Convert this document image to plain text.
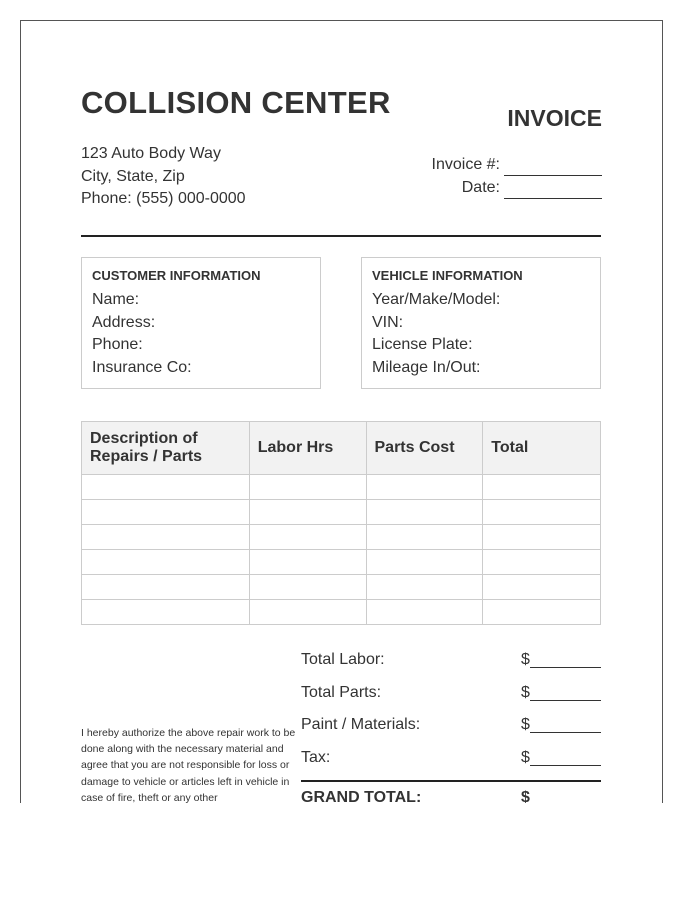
COLLISION CENTER	INVOICE
123 Auto Body Way
City, State, Zip
Phone: (555) 000-0000
Invoice #:
Date:
CUSTOMER INFORMATION
Name:
Address:
Phone:
Insurance Co:
VEHICLE INFORMATION
Year/Make/Model:
VIN:
License Plate:
Mileage In/Out:
Description of Repairs / Parts	Labor Hrs	Parts Cost	Total

I hereby authorize the above repair work to be done along with the necessary material and agree that you are not responsible for loss or damage to vehicle or articles left in vehicle in case of fire, theft or any other
Total Labor:	$
Total Parts:	$
Paint / Materials:	$
Tax:	$
GRAND TOTAL:	$
